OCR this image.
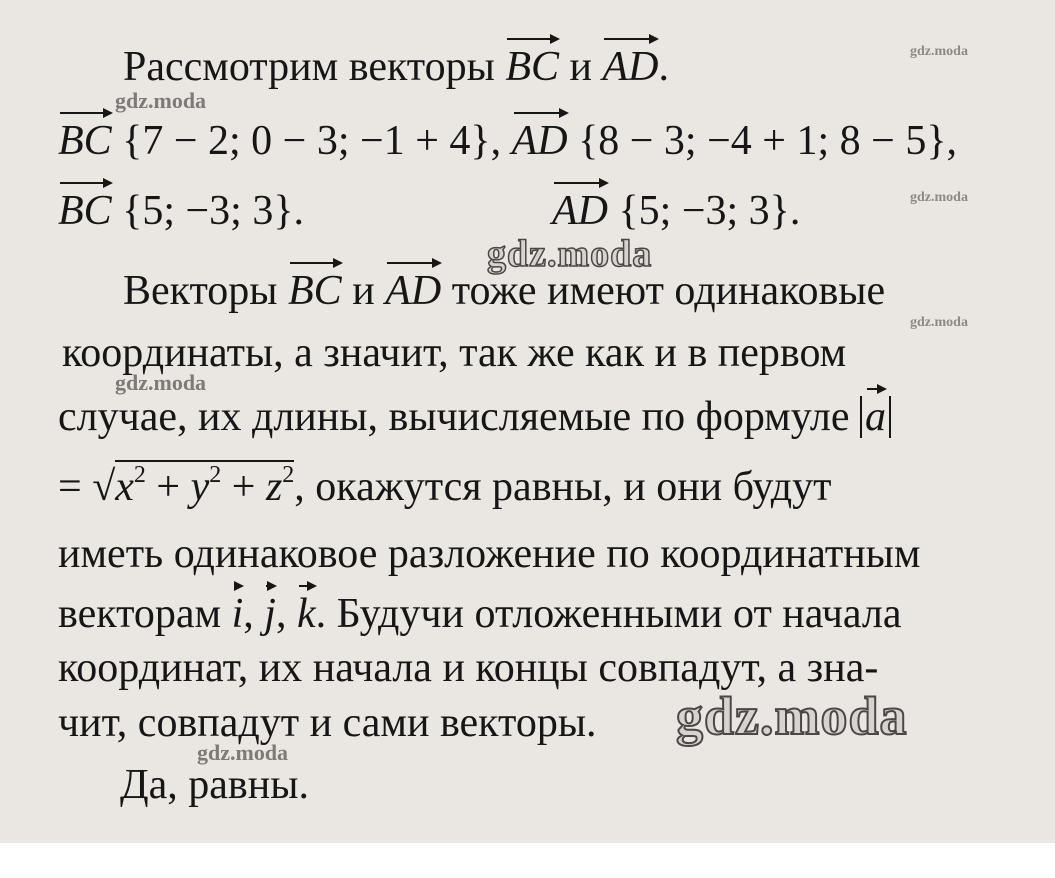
Рассмотрим векторы
BC и
AD.
BC {7 − 2; 0 − 3; −1 + 4},
AD {8 − 3; −4 + 1; 8 − 5},
BC {5; −3; 3}.	AD {5; −3; 3}.
Векторы
BC и
AD тоже имеют одинаковые
координаты, а значит, так же как и в первом
случае, их длины, вычисляемые по формуле a
= $√x^2 + y^2 + z^2$, окажутся равны, и они будут
иметь одинаковое разложение по координатным
векторам
i,
j,
k. Будучи отложенными от начала
координат, их начала и концы совпадут, а зна-
чит, совпадут и сами векторы.
Да, равны.
gdz.moda
gdz.moda
gdz.moda
gdz.moda
gdz.moda
gdz.moda
gdz.moda
gdz.moda
